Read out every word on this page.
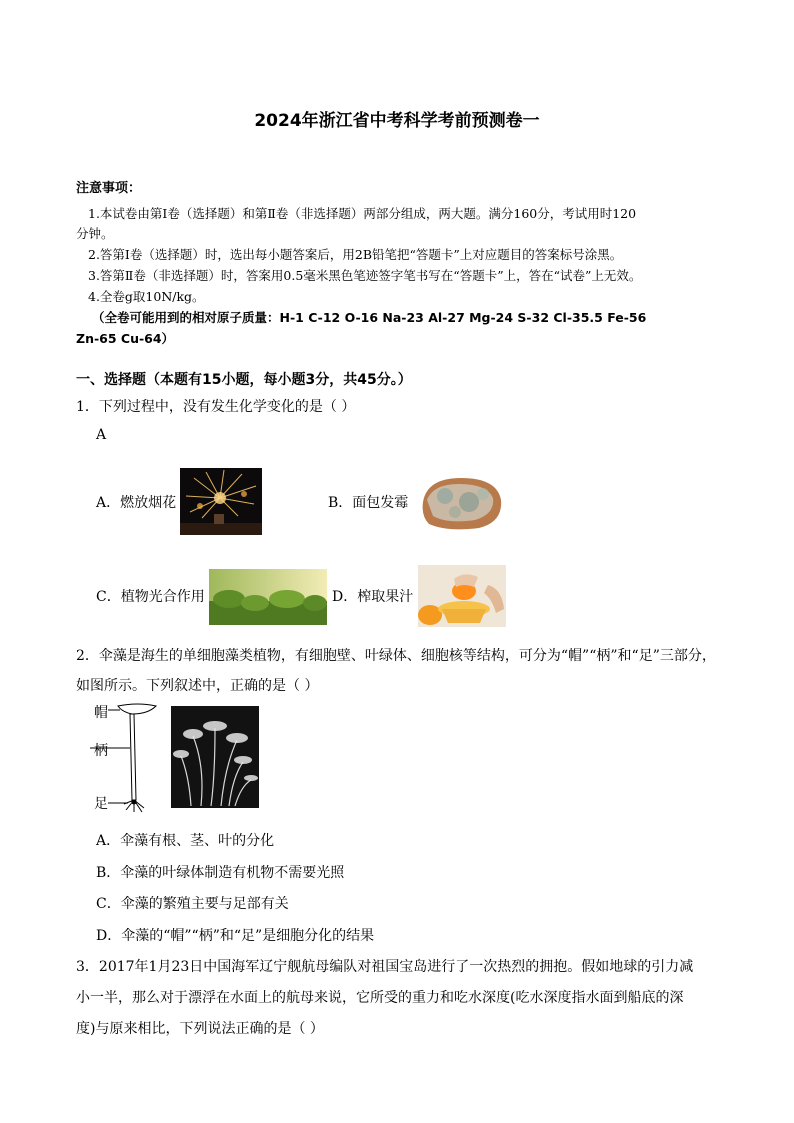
2024年浙江省中考科学考前预测卷一
注意事项：
1.本试卷由第Ⅰ卷（选择题）和第Ⅱ卷（非选择题）两部分组成，两大题。满分160分，考试用时120
分钟。
2.答第Ⅰ卷（选择题）时，选出每小题答案后，用2B铅笔把“答题卡”上对应题目的答案标号涂黑。
3.答第Ⅱ卷（非选择题）时，答案用0.5毫米黑色笔迹签字笔书写在“答题卡”上，答在“试卷”上无效。
4.全卷g取10N/kg。
（全卷可能用到的相对原子质量：H-1 C-12 O-16 Na-23 Al-27 Mg-24 S-32 Cl-35.5 Fe-56
Zn-65 Cu-64）
一、选择题（本题有15小题，每小题3分，共45分。）
1．下列过程中，没有发生化学变化的是（ ）
A
A．燃放烟花	B．面包发霉
C．植物光合作用	D．榨取果汁
2．伞藻是海生的单细胞藻类植物，有细胞壁、叶绿体、细胞核等结构，可分为“帽”“柄”和“足”三部分，
如图所示。下列叙述中，正确的是（ ）
帽
柄
足
A．伞藻有根、茎、叶的分化
B．伞藻的叶绿体制造有机物不需要光照
C．伞藻的繁殖主要与足部有关
D．伞藻的“帽”“柄”和“足”是细胞分化的结果
3．2017年1月23日中国海军辽宁舰航母编队对祖国宝岛进行了一次热烈的拥抱。假如地球的引力减
小一半，那么对于漂浮在水面上的航母来说，它所受的重力和吃水深度(吃水深度指水面到船底的深
度)与原来相比，下列说法正确的是（ ）
